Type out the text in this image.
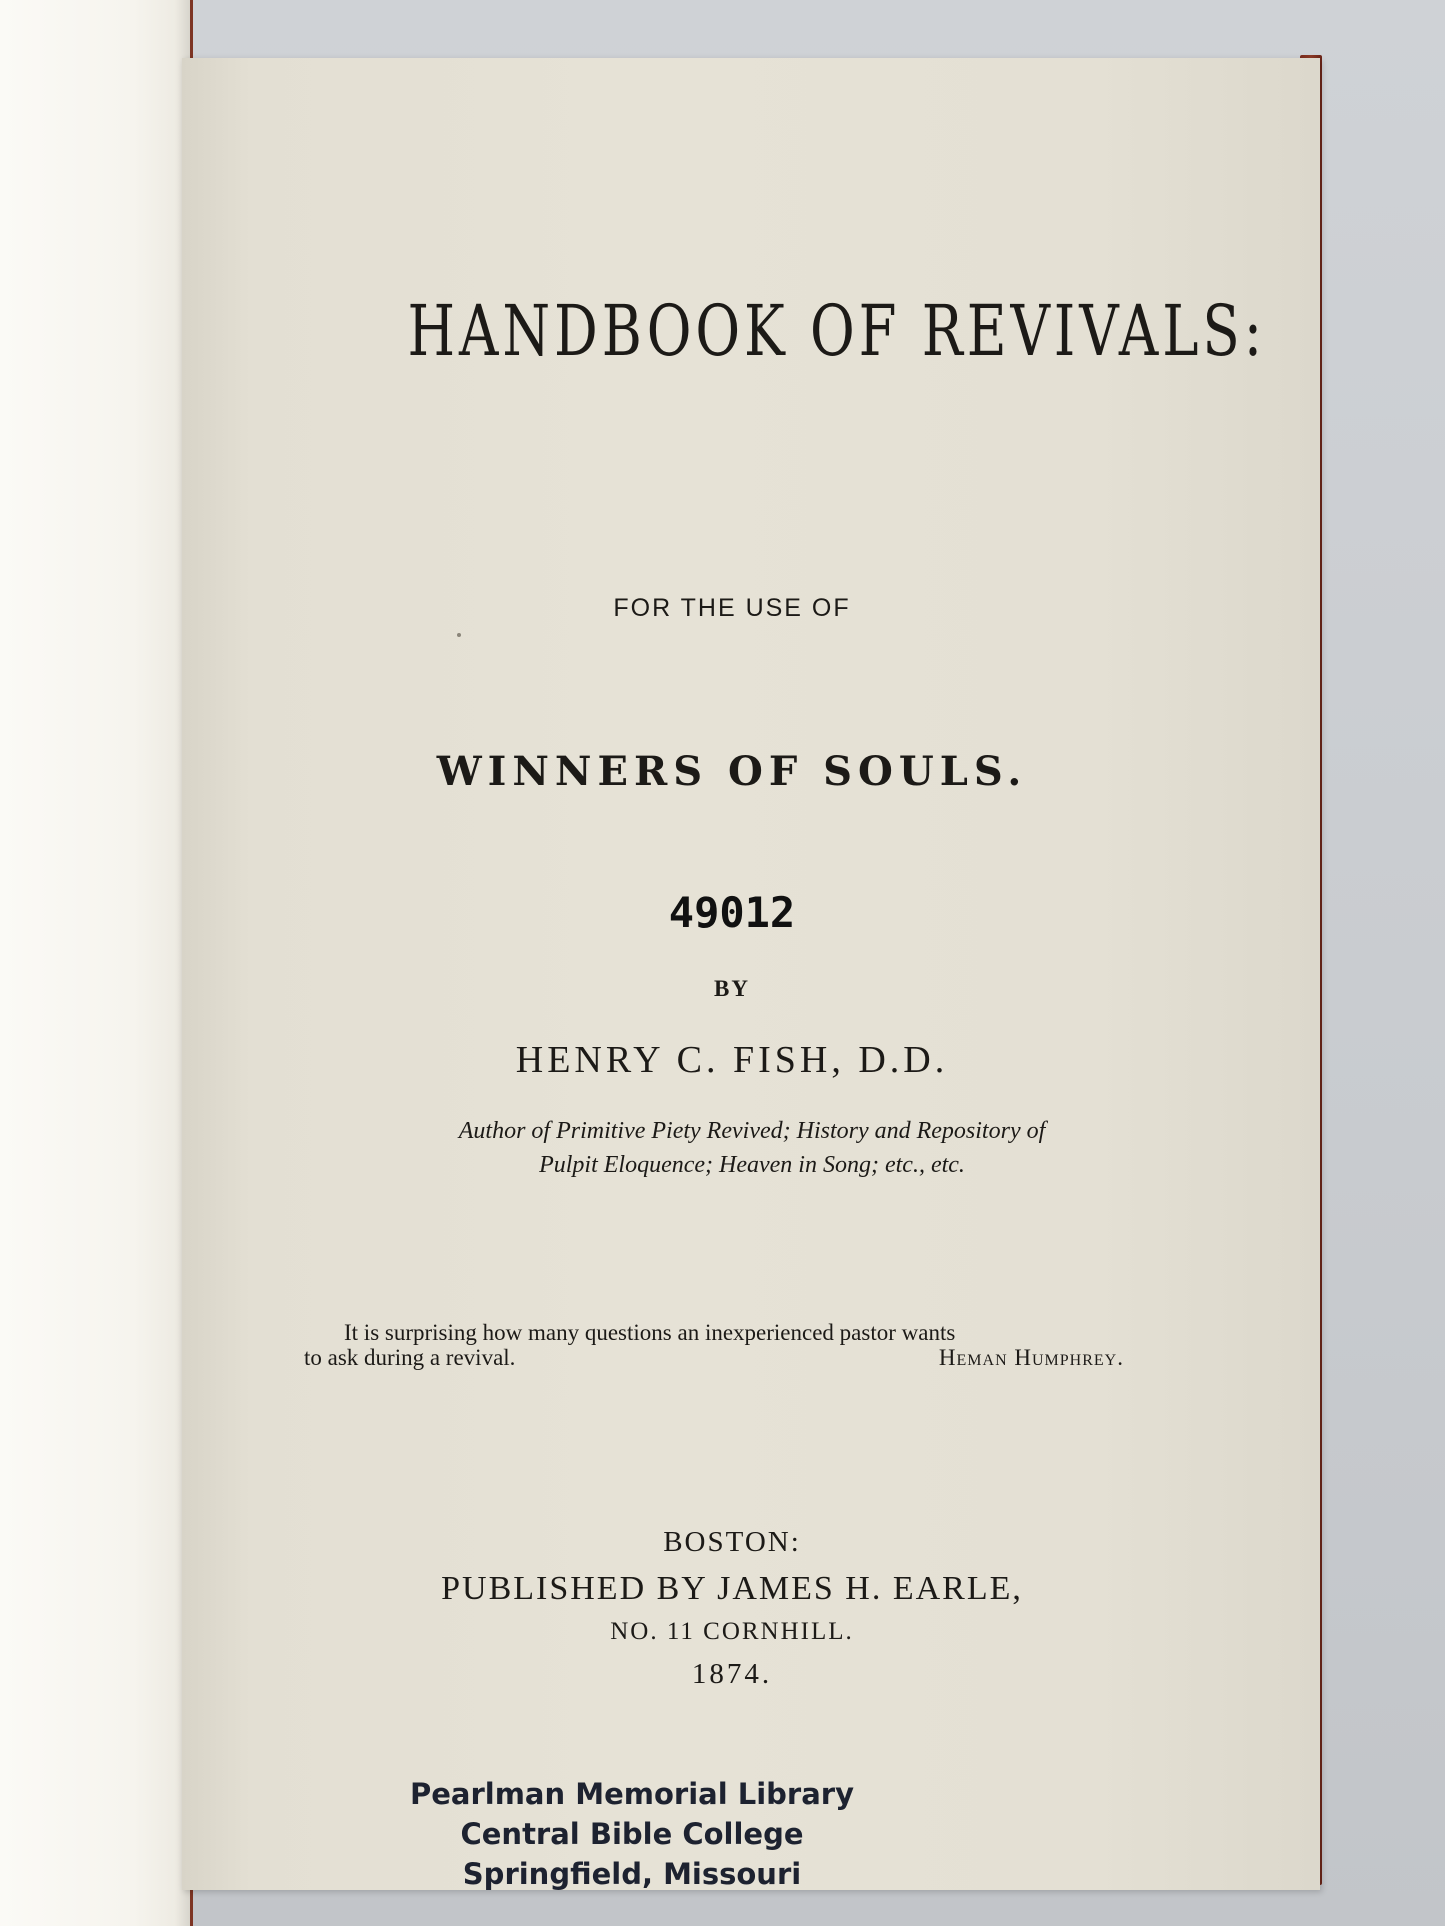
HANDBOOK OF REVIVALS:
FOR THE USE OF
WINNERS OF SOULS.
49012
BY
HENRY C. FISH, D.D.
Author of Primitive Piety Revived; History and Repository of
Pulpit Eloquence; Heaven in Song; etc., etc.
It is surprising how many questions an inexperienced pastor wants
to ask during a revival.	Heman Humphrey.
BOSTON:
PUBLISHED BY JAMES H. EARLE,
NO. 11 CORNHILL.
1874.
Pearlman Memorial Library
Central Bible College
Springfield, Missouri
